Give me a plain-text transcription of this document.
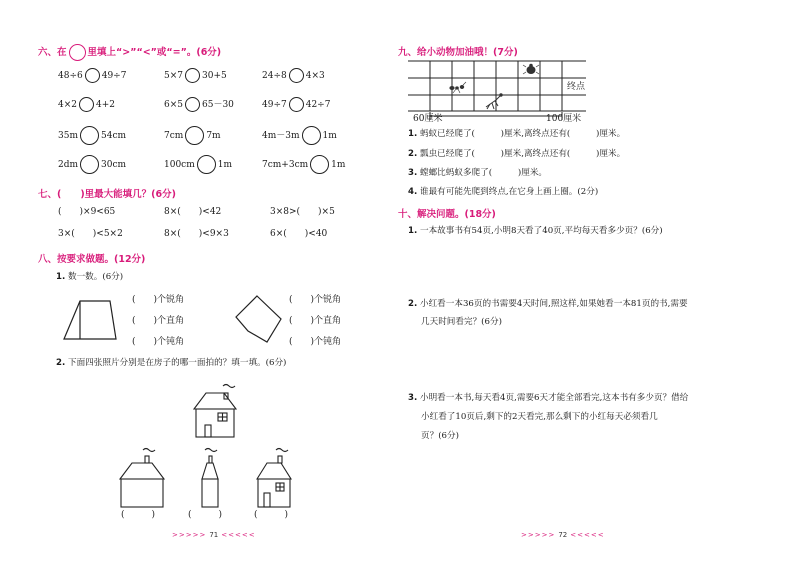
六、在 里填上“>”“<”或“=”。(6分)
48÷6 49÷7	5×7 30+5	24÷8 4×3
4×2 4+2	6×5 65－30	49÷7 42÷7
35m	54cm	7cm	7m	4m－3m	1m
2dm	30cm	100cm	1m	7cm+3cm	1m
七、(　　)里最大能填几？(6分)
(　　)×9<65	8×(　　)<42	3×8>(　　)×5
3×(　　)<5×2	8×(　　)<9×3	6×(　　)<40
八、按要求做题。(12分)
1. 数一数。(6分)
(　　)个锐角
(　　)个直角
(　　)个钝角
(　　)个锐角
(　　)个直角
(　　)个钝角
2. 下面四张照片分别是在房子的哪一面拍的？填一填。(6分)
(　　　)	(　　　)	(　　　)
>>>>> 71 <<<<<
九、给小动物加油哦！(7分)
终点
60厘米	100厘米
1. 蚂蚁已经爬了(　　　)厘米,离终点还有(　　　)厘米。
2. 瓢虫已经爬了(　　　)厘米,离终点还有(　　　)厘米。
3. 螳螂比蚂蚁多爬了(　　　)厘米。
4. 谁最有可能先爬到终点,在它身上画上圈。(2分)
十、解决问题。(18分)
1. 一本故事书有54页,小明8天看了40页,平均每天看多少页？(6分)
2. 小红看一本36页的书需要4天时间,照这样,如果她看一本81页的书,需要
几天时间看完？(6分)
3. 小明看一本书,每天看4页,需要6天才能全部看完,这本书有多少页？借给
小红看了10页后,剩下的2天看完,那么剩下的小红每天必须看几
页？(6分)
>>>>> 72 <<<<<
